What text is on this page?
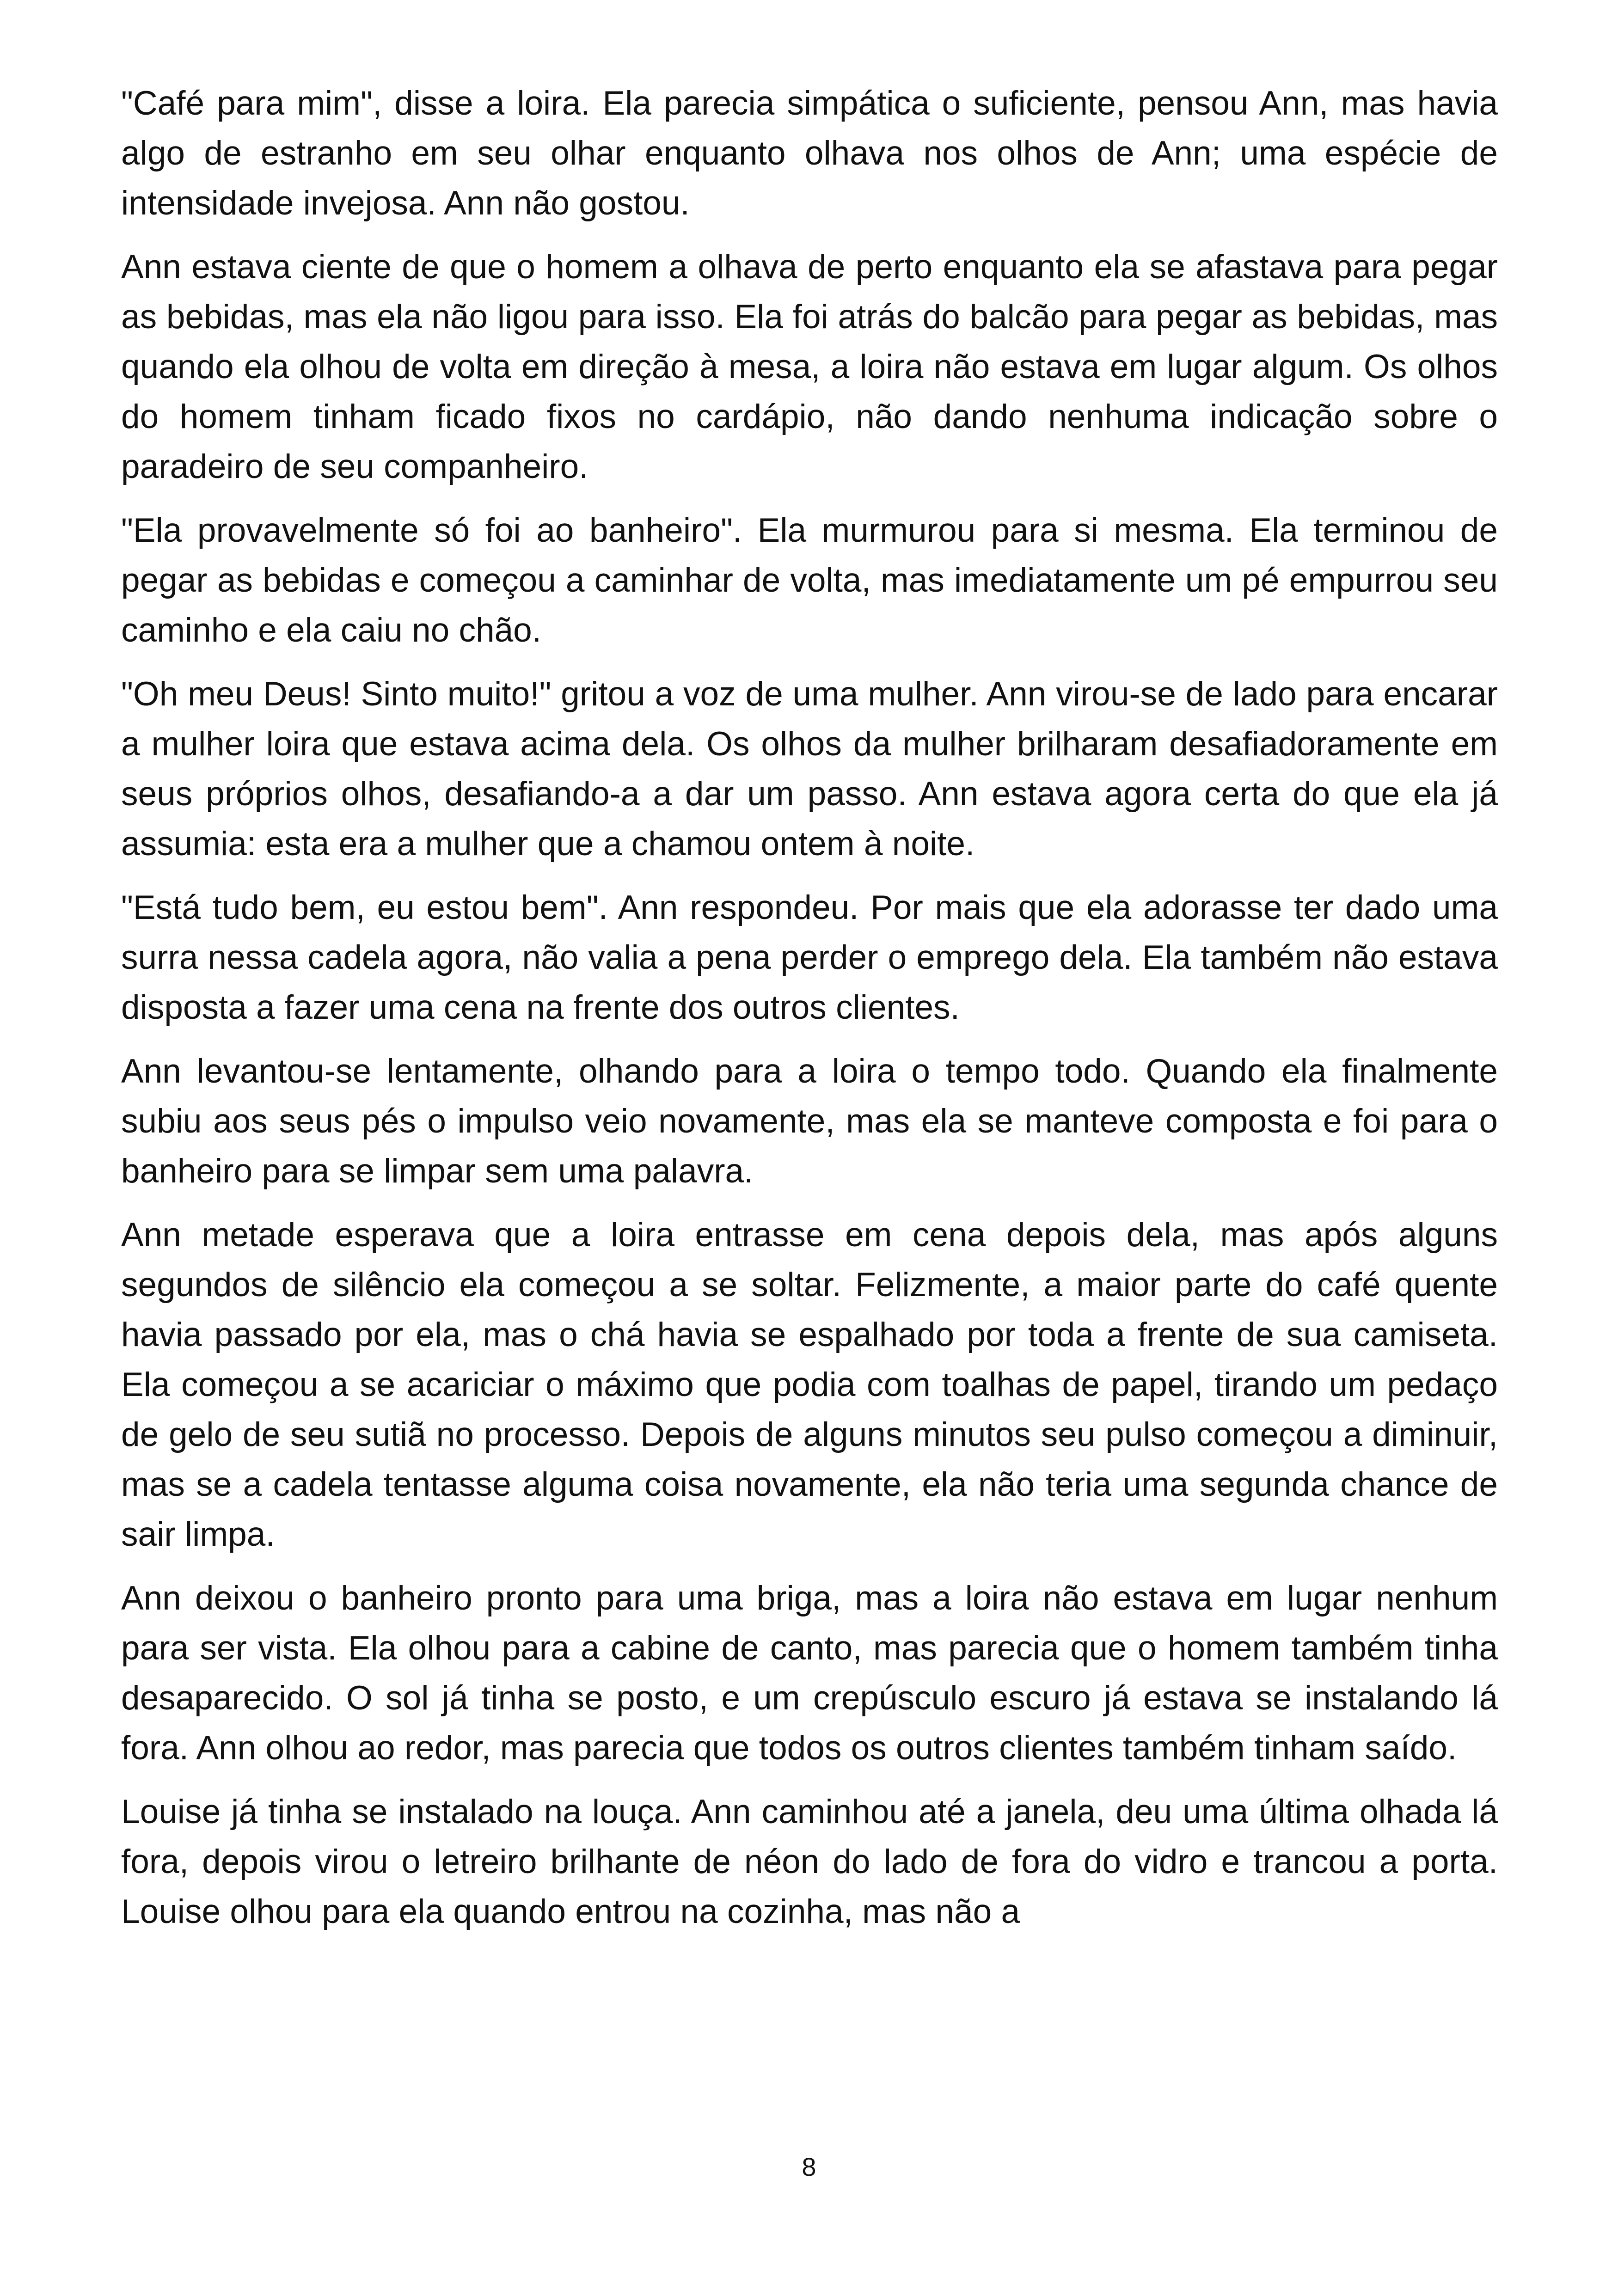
"Café para mim", disse a loira. Ela parecia simpática o suficiente, pensou Ann, mas havia algo de estranho em seu olhar enquanto olhava nos olhos de Ann; uma espécie de intensidade invejosa. Ann não gostou.

Ann estava ciente de que o homem a olhava de perto enquanto ela se afastava para pegar as bebidas, mas ela não ligou para isso. Ela foi atrás do balcão para pegar as bebidas, mas quando ela olhou de volta em direção à mesa, a loira não estava em lugar algum. Os olhos do homem tinham ficado fixos no cardápio, não dando nenhuma indicação sobre o paradeiro de seu companheiro.

"Ela provavelmente só foi ao banheiro". Ela murmurou para si mesma. Ela terminou de pegar as bebidas e começou a caminhar de volta, mas imediatamente um pé empurrou seu caminho e ela caiu no chão.

"Oh meu Deus! Sinto muito!" gritou a voz de uma mulher. Ann virou-se de lado para encarar a mulher loira que estava acima dela. Os olhos da mulher brilharam desafiadoramente em seus próprios olhos, desafiando-a a dar um passo. Ann estava agora certa do que ela já assumia: esta era a mulher que a chamou ontem à noite.

"Está tudo bem, eu estou bem". Ann respondeu. Por mais que ela adorasse ter dado uma surra nessa cadela agora, não valia a pena perder o emprego dela. Ela também não estava disposta a fazer uma cena na frente dos outros clientes.

Ann levantou-se lentamente, olhando para a loira o tempo todo. Quando ela finalmente subiu aos seus pés o impulso veio novamente, mas ela se manteve composta e foi para o banheiro para se limpar sem uma palavra.

Ann metade esperava que a loira entrasse em cena depois dela, mas após alguns segundos de silêncio ela começou a se soltar. Felizmente, a maior parte do café quente havia passado por ela, mas o chá havia se espalhado por toda a frente de sua camiseta. Ela começou a se acariciar o máximo que podia com toalhas de papel, tirando um pedaço de gelo de seu sutiã no processo. Depois de alguns minutos seu pulso começou a diminuir, mas se a cadela tentasse alguma coisa novamente, ela não teria uma segunda chance de sair limpa.

Ann deixou o banheiro pronto para uma briga, mas a loira não estava em lugar nenhum para ser vista. Ela olhou para a cabine de canto, mas parecia que o homem também tinha desaparecido. O sol já tinha se posto, e um crepúsculo escuro já estava se instalando lá fora. Ann olhou ao redor, mas parecia que todos os outros clientes também tinham saído.

Louise já tinha se instalado na louça. Ann caminhou até a janela, deu uma última olhada lá fora, depois virou o letreiro brilhante de néon do lado de fora do vidro e trancou a porta. Louise olhou para ela quando entrou na cozinha, mas não a

8
